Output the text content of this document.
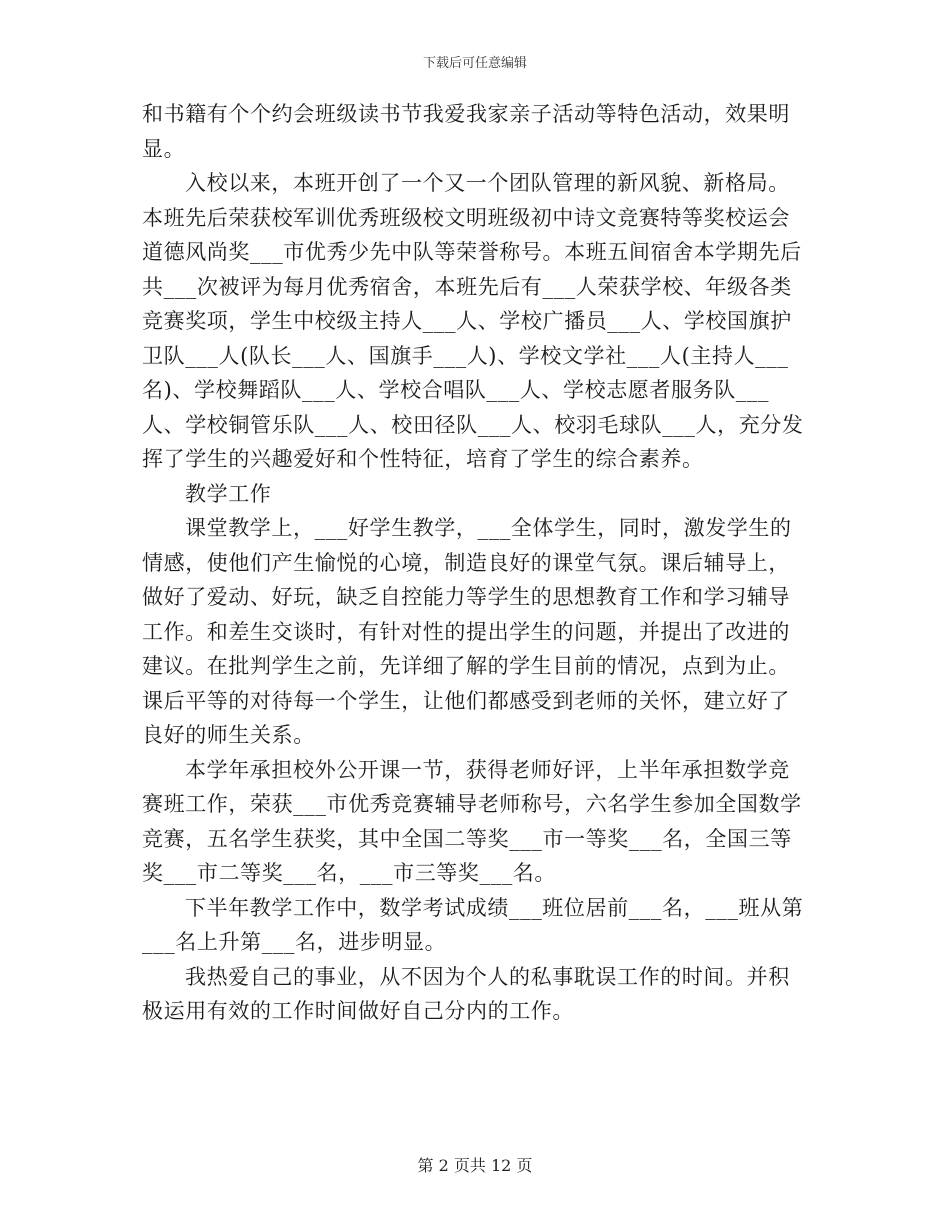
下载后可任意编辑

和书籍有个个约会班级读书节我爱我家亲子活动等特色活动，效果明显。

入校以来，本班开创了一个又一个团队管理的新风貌、新格局。本班先后荣获校军训优秀班级校文明班级初中诗文竞赛特等奖校运会道德风尚奖___市优秀少先中队等荣誉称号。本班五间宿舍本学期先后共___次被评为每月优秀宿舍，本班先后有___人荣获学校、年级各类竞赛奖项，学生中校级主持人___人、学校广播员___人、学校国旗护卫队___人(队长___人、国旗手___人)、学校文学社___人(主持人___名)、学校舞蹈队___人、学校合唱队___人、学校志愿者服务队___人、学校铜管乐队___人、校田径队___人、校羽毛球队___人，充分发挥了学生的兴趣爱好和个性特征，培育了学生的综合素养。

教学工作

课堂教学上，___好学生教学，___全体学生，同时，激发学生的情感，使他们产生愉悦的心境，制造良好的课堂气氛。课后辅导上，做好了爱动、好玩，缺乏自控能力等学生的思想教育工作和学习辅导工作。和差生交谈时，有针对性的提出学生的问题，并提出了改进的建议。在批判学生之前，先详细了解的学生目前的情况，点到为止。课后平等的对待每一个学生，让他们都感受到老师的关怀，建立好了良好的师生关系。

本学年承担校外公开课一节，获得老师好评，上半年承担数学竞赛班工作，荣获___市优秀竞赛辅导老师称号，六名学生参加全国数学竞赛，五名学生获奖，其中全国二等奖___市一等奖___名，全国三等奖___市二等奖___名，___市三等奖___名。

下半年教学工作中，数学考试成绩___班位居前___名，___班从第___名上升第___名，进步明显。

我热爱自己的事业，从不因为个人的私事耽误工作的时间。并积极运用有效的工作时间做好自己分内的工作。

第 2 页共 12 页
